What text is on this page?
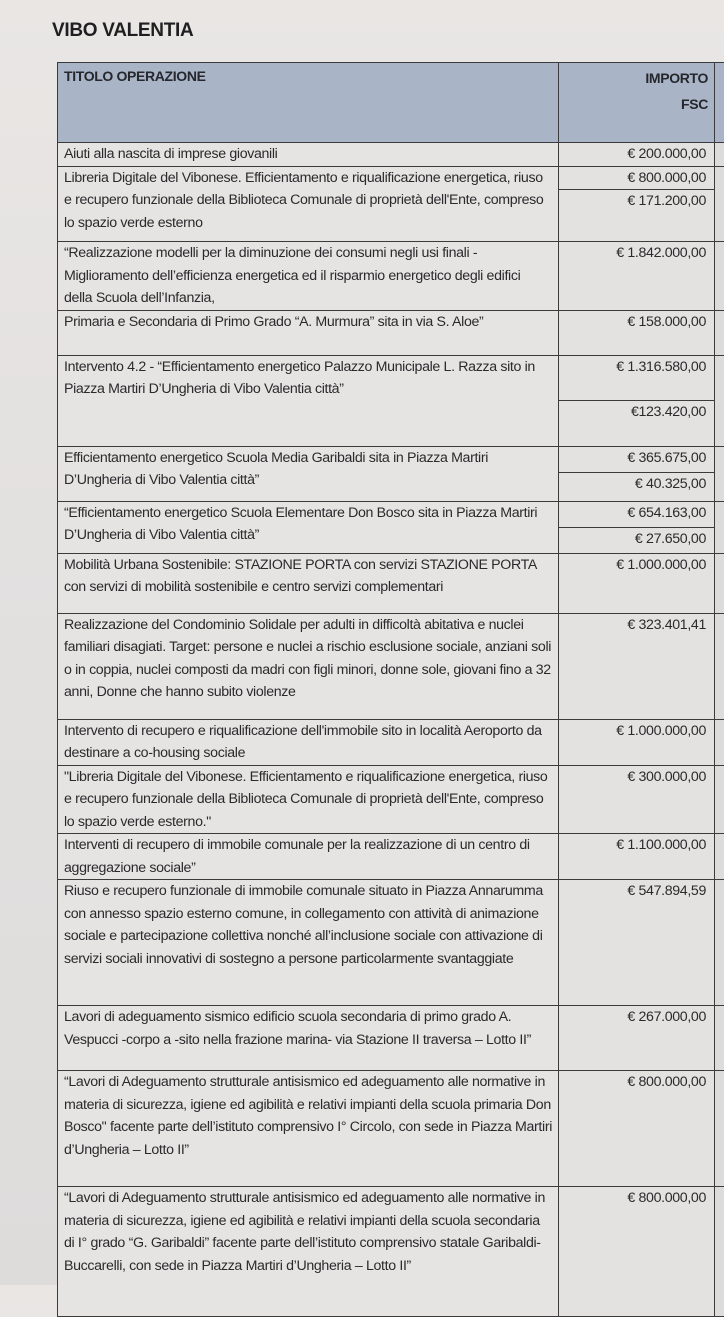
VIBO VALENTIA
TITOLO OPERAZIONE	IMPORTO
FSC	
Aiuti alla nascita di imprese giovanili	€ 200.000,00	
Libreria Digitale del Vibonese. Efficientamento e riqualificazione energetica, riuso e recupero funzionale della Biblioteca Comunale di proprietà dell'Ente, compreso lo spazio verde esterno	€ 800.000,00	
	€ 171.200,00	
“Realizzazione modelli per la diminuzione dei consumi negli usi finali - Miglioramento dell’efficienza energetica ed il risparmio energetico degli edifici della Scuola dell’Infanzia,	€ 1.842.000,00	
Primaria e Secondaria di Primo Grado “A. Murmura” sita in via S. Aloe”	€ 158.000,00	
Intervento 4.2 - “Efficientamento energetico Palazzo Municipale L. Razza sito in Piazza Martiri D’Ungheria di Vibo Valentia città”	€ 1.316.580,00	
	€123.420,00	
Efficientamento energetico Scuola Media Garibaldi sita in Piazza Martiri D’Ungheria di Vibo Valentia città”	€ 365.675,00	
	€ 40.325,00	
“Efficientamento energetico Scuola Elementare Don Bosco sita in Piazza Martiri D’Ungheria di Vibo Valentia città”	€ 654.163,00	
	€ 27.650,00	
Mobilità Urbana Sostenibile: STAZIONE PORTA con servizi STAZIONE PORTA con servizi di mobilità sostenibile e centro servizi complementari	€ 1.000.000,00	
Realizzazione del Condominio Solidale per adulti in difficoltà abitativa e nuclei familiari disagiati. Target: persone e nuclei a rischio esclusione sociale, anziani soli o in coppia, nuclei composti da madri con figli minori, donne sole, giovani fino a 32 anni, Donne che hanno subito violenze	€ 323.401,41	
Intervento di recupero e riqualificazione dell'immobile sito in località Aeroporto da destinare a co-housing sociale	€ 1.000.000,00	
"Libreria Digitale del Vibonese. Efficientamento e riqualificazione energetica, riuso e recupero funzionale della Biblioteca Comunale di proprietà dell'Ente, compreso lo spazio verde esterno."	€ 300.000,00	
Interventi di recupero di immobile comunale per la realizzazione di un centro di aggregazione sociale”	€ 1.100.000,00	
Riuso e recupero funzionale di immobile comunale situato in Piazza Annarumma con annesso spazio esterno comune, in collegamento con attività di animazione sociale e partecipazione collettiva nonché all’inclusione sociale con attivazione di servizi sociali innovativi di sostegno a persone particolarmente svantaggiate	€ 547.894,59	
Lavori di adeguamento sismico edificio scuola secondaria di primo grado A. Vespucci -corpo a -sito nella frazione marina- via Stazione II traversa – Lotto II”	€ 267.000,00	
“Lavori di Adeguamento strutturale antisismico ed adeguamento alle normative in materia di sicurezza, igiene ed agibilità e relativi impianti della scuola primaria Don Bosco" facente parte dell’istituto comprensivo I° Circolo, con sede in Piazza Martiri d’Ungheria – Lotto II”	€ 800.000,00	
“Lavori di Adeguamento strutturale antisismico ed adeguamento alle normative in materia di sicurezza, igiene ed agibilità e relativi impianti della scuola secondaria di I° grado “G. Garibaldi” facente parte dell’istituto comprensivo statale Garibaldi-Buccarelli, con sede in Piazza Martiri d’Ungheria – Lotto II”	€ 800.000,00	
